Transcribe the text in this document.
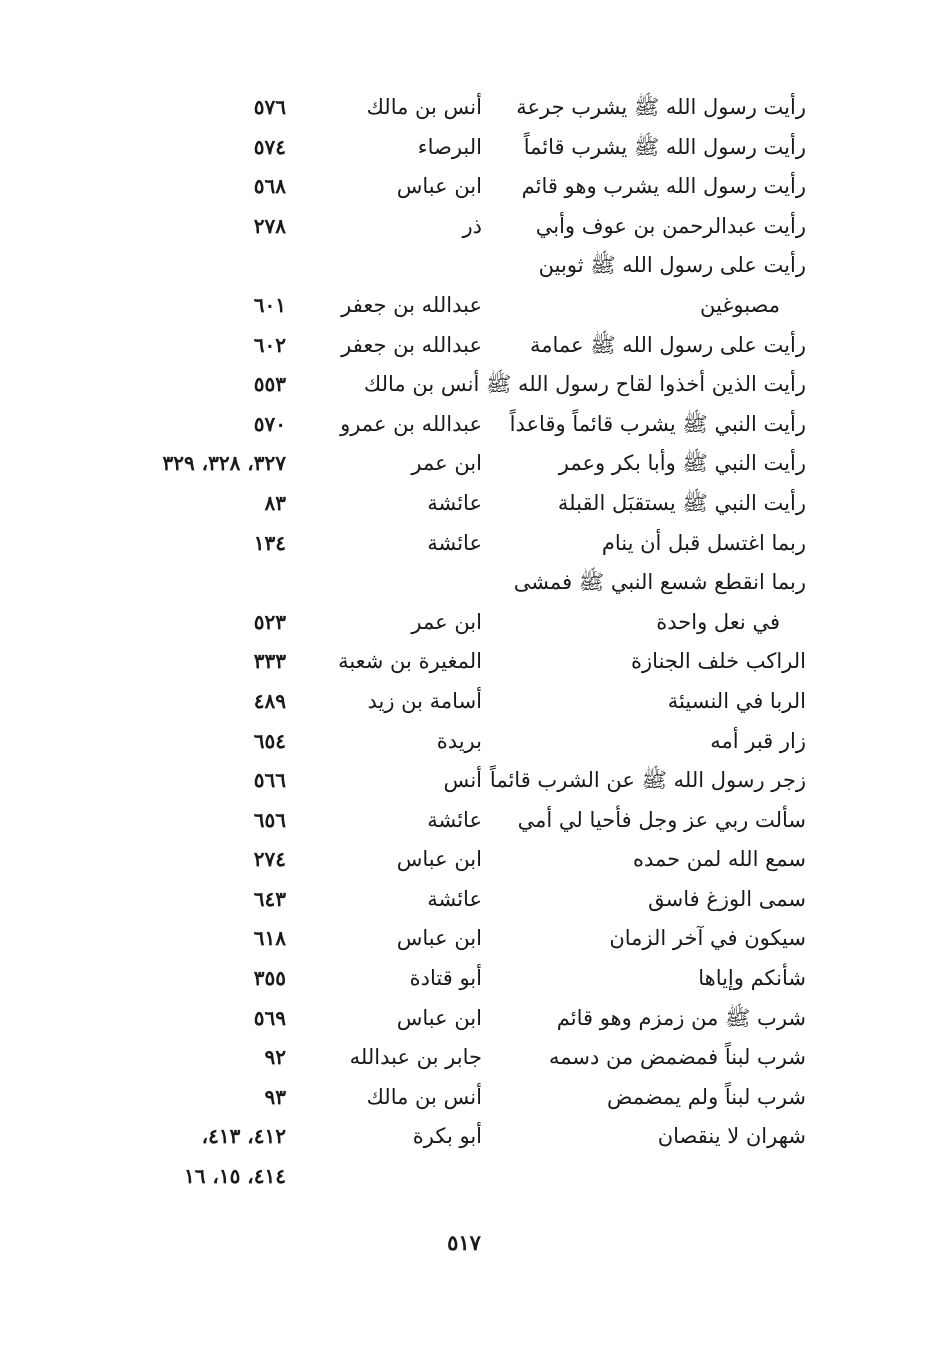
رأيت رسول الله ﷺ يشرب جرعة
أنس بن مالك
٥٧٦
رأيت رسول الله ﷺ يشرب قائماً
البرصاء
٥٧٤
رأيت رسول الله يشرب وهو قائم
ابن عباس
٥٦٨
رأيت عبدالرحمن بن عوف وأبي
ذر
٢٧٨
رأيت على رسول الله ﷺ ثوبين
مصبوغين
عبدالله بن جعفر
٦٠١
رأيت على رسول الله ﷺ عمامة
عبدالله بن جعفر
٦٠٢
رأيت الذين أخذوا لقاح رسول الله ﷺ أنس بن مالك
٥٥٣
رأيت النبي ﷺ يشرب قائماً وقاعداً
عبدالله بن عمرو
٥٧٠
رأيت النبي ﷺ وأبا بكر وعمر
ابن عمر
٣٢٧، ٣٢٨، ٣٢٩
رأيت النبي ﷺ يستقبَل القبلة
عائشة
٨٣
ربما اغتسل قبل أن ينام
عائشة
١٣٤
ربما انقطع شسع النبي ﷺ فمشى
في نعل واحدة
ابن عمر
٥٢٣
الراكب خلف الجنازة
المغيرة بن شعبة
٣٣٣
الربا في النسيئة
أسامة بن زيد
٤٨٩
زار قبر أمه
بريدة
٦٥٤
زجر رسول الله ﷺ عن الشرب قائماً
أنس
٥٦٦
سألت ربي عز وجل فأحيا لي أمي
عائشة
٦٥٦
سمع الله لمن حمده
ابن عباس
٢٧٤
سمى الوزغ فاسق
عائشة
٦٤٣
سيكون في آخر الزمان
ابن عباس
٦١٨
شأنكم وإياها
أبو قتادة
٣٥٥
شرب ﷺ من زمزم وهو قائم
ابن عباس
٥٦٩
شرب لبناً فمضمض من دسمه
جابر بن عبدالله
٩٢
شرب لبناً ولم يمضمض
أنس بن مالك
٩٣
شهران لا ينقصان
أبو بكرة
٤١٢، ٤١٣،
٤١٤، ١٥، ١٦
٥١٧
